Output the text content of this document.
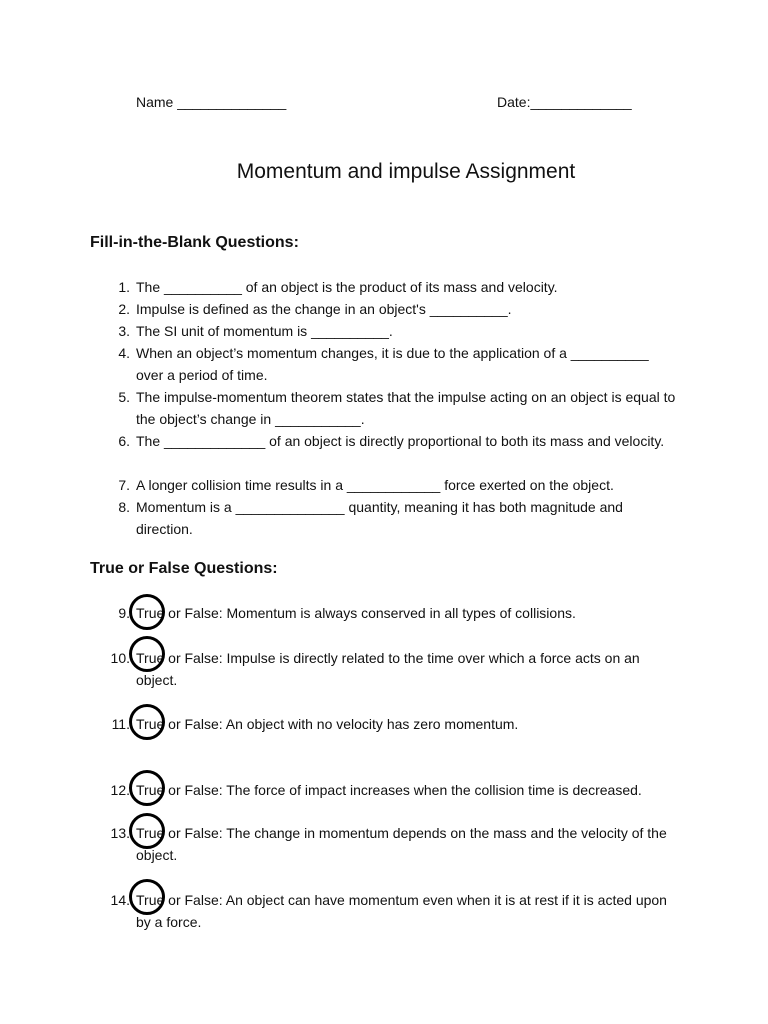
Name ______________	Date:_____________
Momentum and impulse Assignment
Fill-in-the-Blank Questions:
1. The __________ of an object is the product of its mass and velocity.
2. Impulse is defined as the change in an object's __________.
3. The SI unit of momentum is __________.
4. When an object’s momentum changes, it is due to the application of a __________ over a period of time.
5. The impulse-momentum theorem states that the impulse acting on an object is equal to the object’s change in ___________.
6. The _____________ of an object is directly proportional to both its mass and velocity.
7. A longer collision time results in a ____________ force exerted on the object.
8. Momentum is a ______________ quantity, meaning it has both magnitude and direction.
True or False Questions:
9. True or False: Momentum is always conserved in all types of collisions.
10. True or False: Impulse is directly related to the time over which a force acts on an object.
11. True or False: An object with no velocity has zero momentum.
12. True or False: The force of impact increases when the collision time is decreased.
13. True or False: The change in momentum depends on the mass and the velocity of the object.
14. True or False: An object can have momentum even when it is at rest if it is acted upon by a force.
